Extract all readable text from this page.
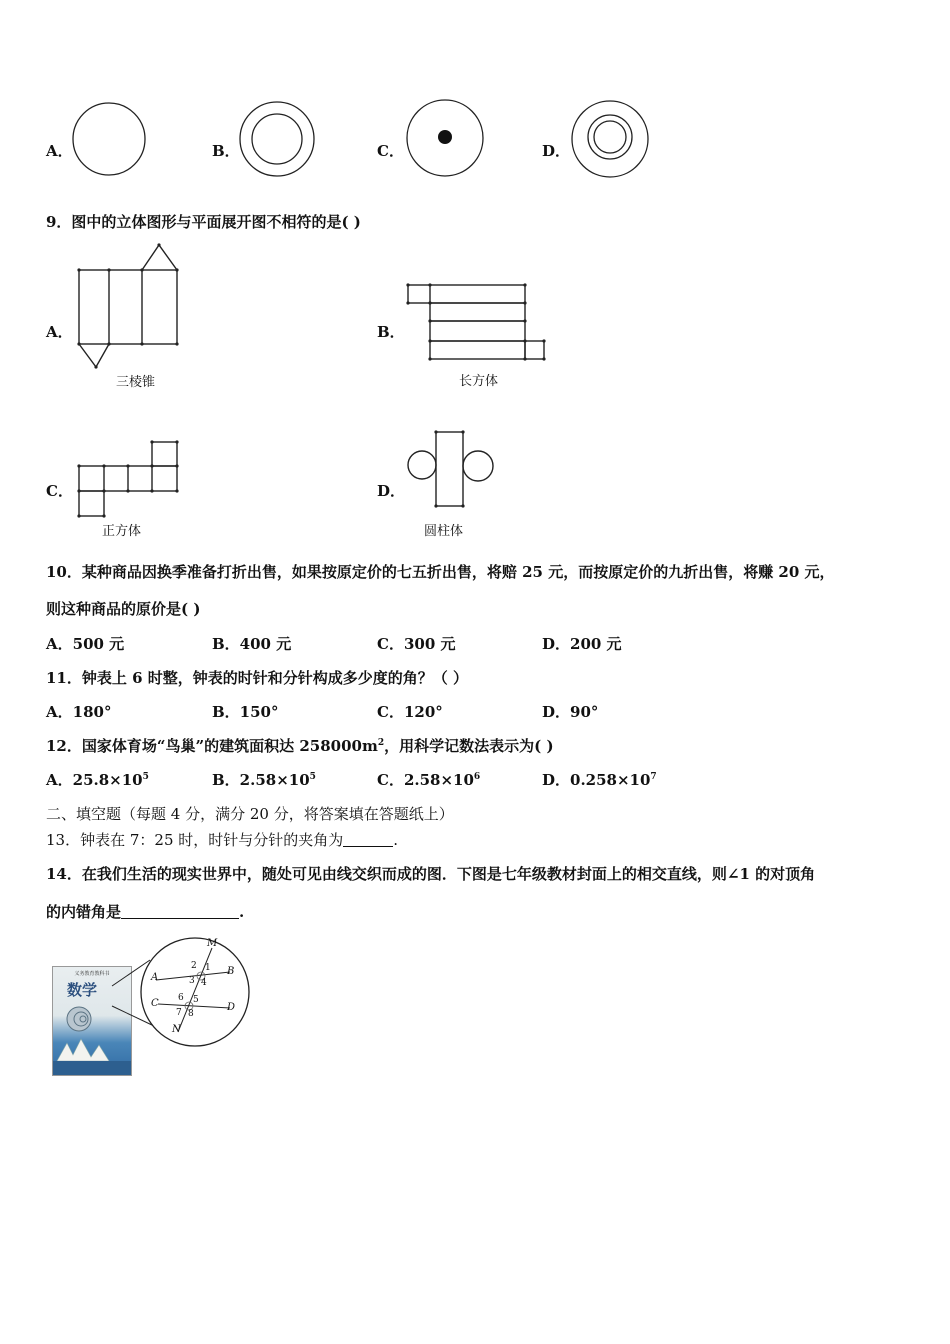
A．	B．	C．	D．
9．图中的立体图形与平面展开图不相符的是( )
A．
三棱锥
B．
长方体
C．
正方体
D．
圆柱体
10．某种商品因换季准备打折出售，如果按原定价的七五折出售，将赔 25 元，而按原定价的九折出售，将赚 20 元，
则这种商品的原价是( )
A．500 元	B．400 元	C．300 元	D．200 元
11．钟表上 6 时整，钟表的时针和分针构成多少度的角？（ ）
A．180°	B．150°	C．120°	D．90°
12．国家体育场“鸟巢”的建筑面积达 $258000m^2$，用科学记数法表示为( )
A．$25.8\times 10^5$	B．$2.58\times 10^5$	C．$2.58\times 10^6$	D．$0.258\times 10^7$
二、填空题（每题 4 分，满分 20 分，将答案填在答题纸上）
13．钟表在 7：25 时，时针与分针的夹角为	.
14．在我们生活的现实世界中，随处可见由线交织而成的图．下图是七年级教材封面上的相交直线，则∠1 的对顶角
的内错角是	.
义务教育教科书
数学
M
A
B
C	D
N
1
2
3 4
5
6
7 8
